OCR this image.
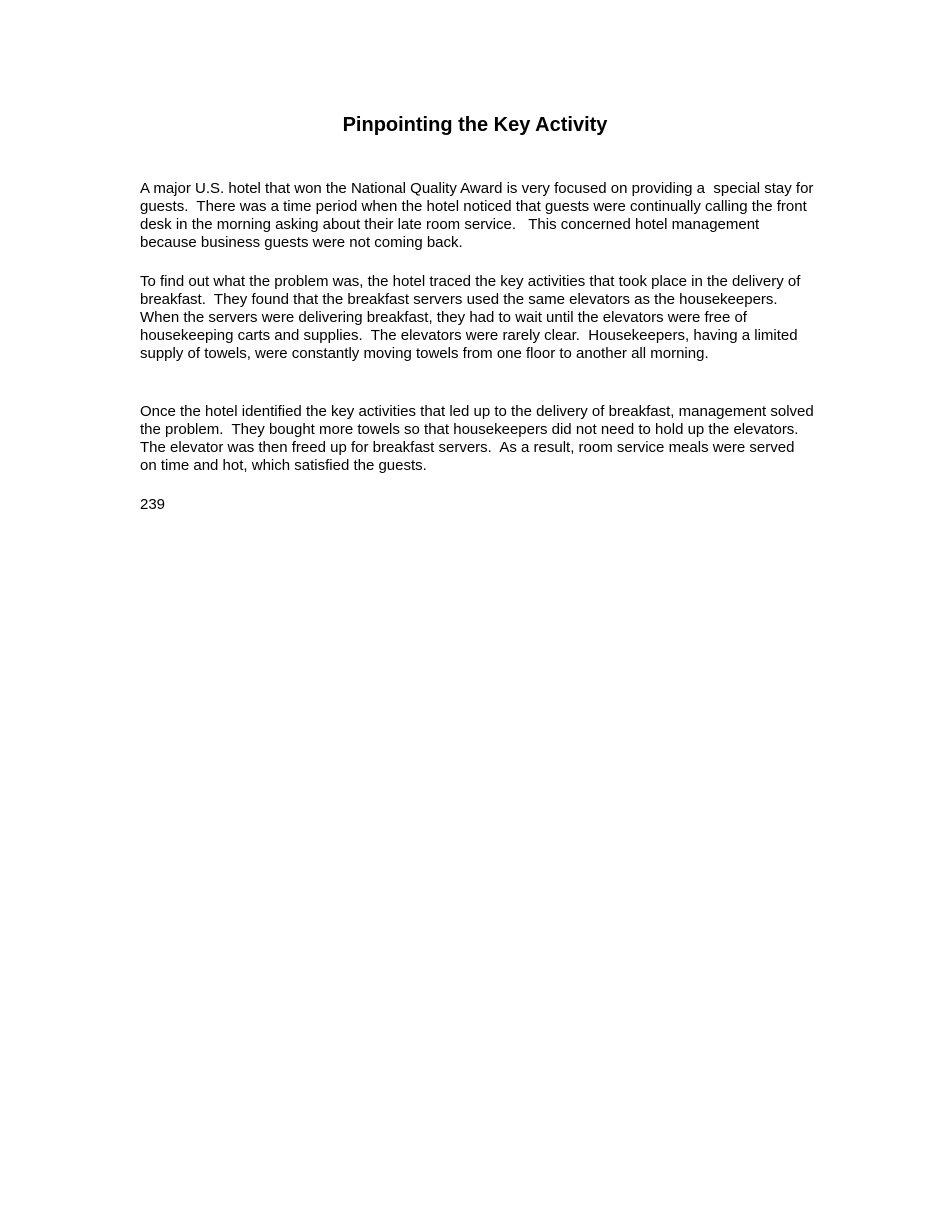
Pinpointing the Key Activity

A major U.S. hotel that won the National Quality Award is very focused on providing a  special stay for guests.  There was a time period when the hotel noticed that guests were continually calling the front desk in the morning asking about their late room service.   This concerned hotel management because business guests were not coming back.

To find out what the problem was, the hotel traced the key activities that took place in the delivery of breakfast.  They found that the breakfast servers used the same elevators as the housekeepers.  When the servers were delivering breakfast, they had to wait until the elevators were free of housekeeping carts and supplies.  The elevators were rarely clear.  Housekeepers, having a limited supply of towels, were constantly moving towels from one floor to another all morning.

Once the hotel identified the key activities that led up to the delivery of breakfast, management solved the problem.  They bought more towels so that housekeepers did not need to hold up the elevators. The elevator was then freed up for breakfast servers.  As a result, room service meals were served on time and hot, which satisfied the guests.

239
